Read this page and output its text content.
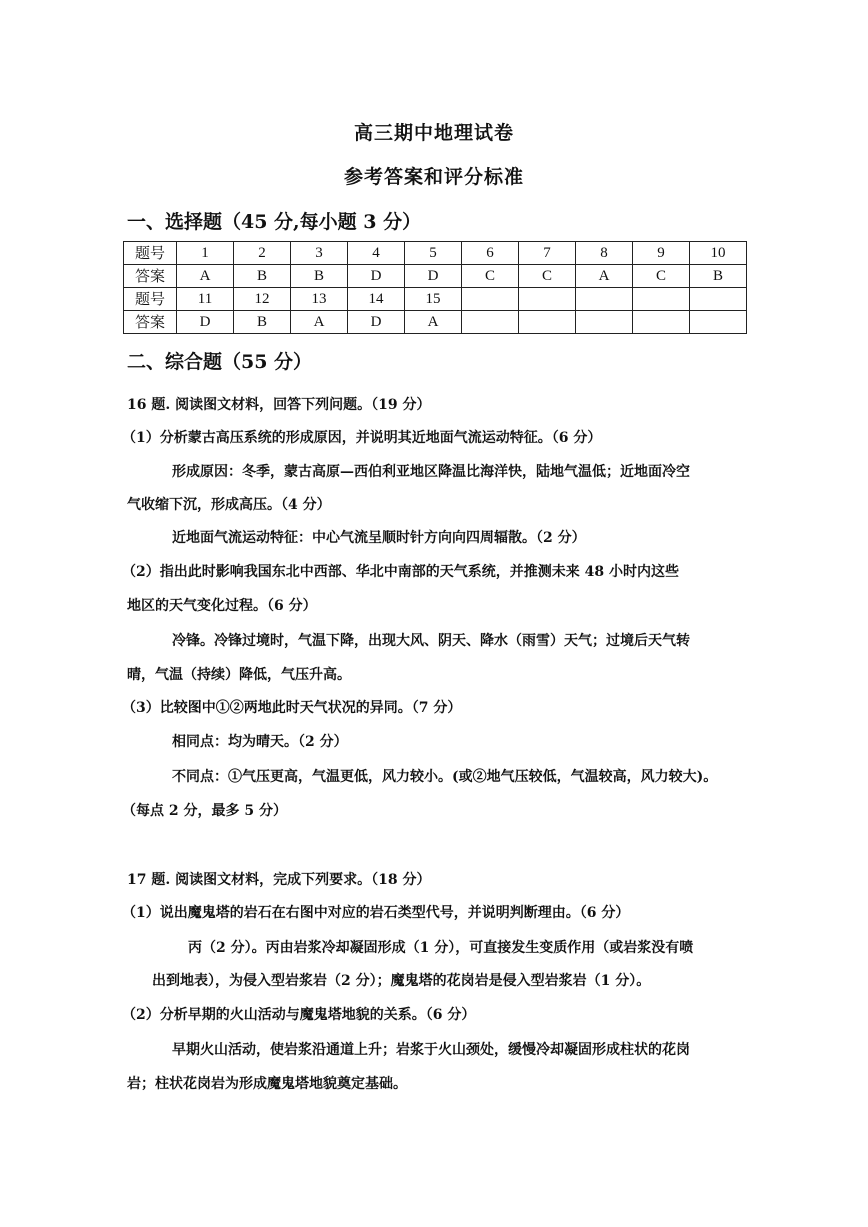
高三期中地理试卷
参考答案和评分标准
一、选择题（45 分,每小题 3 分）
题号	1	2	3	4	5	6	7	8	9	10
答案	A	B	B	D	D	C	C	A	C	B
题号	11	12	13	14	15					
答案	D	B	A	D	A					
二、综合题（55 分）
16 题. 阅读图文材料，回答下列问题。（19 分）
（1）分析蒙古高压系统的形成原因，并说明其近地面气流运动特征。（6 分）
形成原因：冬季，蒙古高原—西伯利亚地区降温比海洋快，陆地气温低；近地面冷空
气收缩下沉，形成高压。（4 分）
近地面气流运动特征：中心气流呈顺时针方向向四周辐散。（2 分）
（2）指出此时影响我国东北中西部、华北中南部的天气系统，并推测未来 48 小时内这些
地区的天气变化过程。（6 分）
冷锋。冷锋过境时，气温下降，出现大风、阴天、降水（雨雪）天气；过境后天气转
晴，气温（持续）降低，气压升高。
（3）比较图中①②两地此时天气状况的异同。（7 分）
相同点：均为晴天。（2 分）
不同点：①气压更高，气温更低，风力较小。(或②地气压较低，气温较高，风力较大)。
（每点 2 分，最多 5 分）
17 题. 阅读图文材料，完成下列要求。（18 分）
（1）说出魔鬼塔的岩石在右图中对应的岩石类型代号，并说明判断理由。（6 分）
丙（2 分）。丙由岩浆冷却凝固形成（1 分），可直接发生变质作用（或岩浆没有喷
出到地表），为侵入型岩浆岩（2 分）；魔鬼塔的花岗岩是侵入型岩浆岩（1 分）。
（2）分析早期的火山活动与魔鬼塔地貌的关系。（6 分）
早期火山活动，使岩浆沿通道上升；岩浆于火山颈处，缓慢冷却凝固形成柱状的花岗
岩；柱状花岗岩为形成魔鬼塔地貌奠定基础。
